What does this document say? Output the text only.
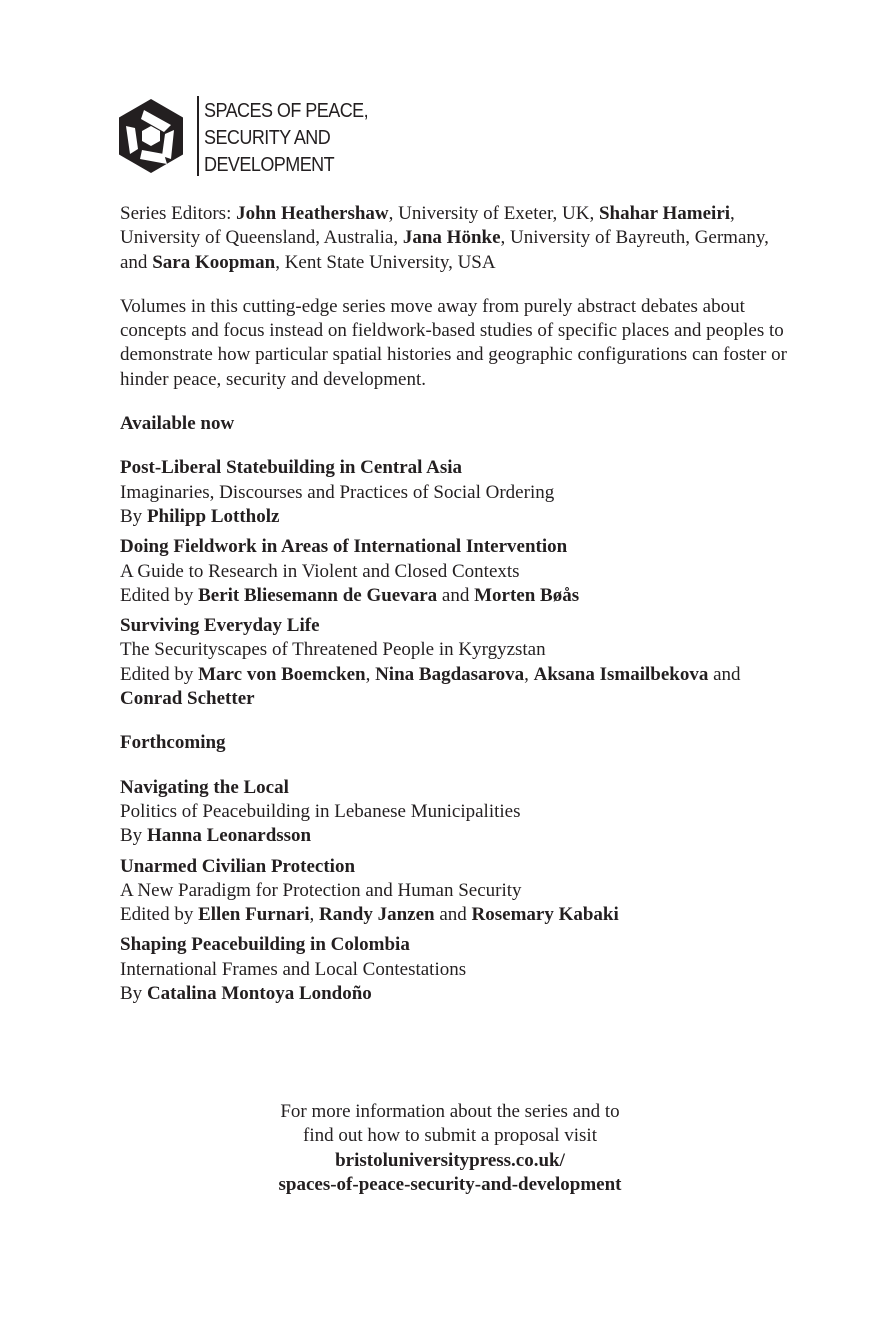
SPACES OF PEACE,
SECURITY AND
DEVELOPMENT

Series Editors: John Heathershaw, University of Exeter, UK, Shahar Hameiri, University of Queensland, Australia, Jana Hönke, University of Bayreuth, Germany, and Sara Koopman, Kent State University, USA

Volumes in this cutting-edge series move away from purely abstract debates about concepts and focus instead on fieldwork-based studies of specific places and peoples to demonstrate how particular spatial histories and geographic configurations can foster or hinder peace, security and development.

Available now
Post-Liberal Statebuilding in Central Asia
Imaginaries, Discourses and Practices of Social Ordering
By Philipp Lottholz
Doing Fieldwork in Areas of International Intervention
A Guide to Research in Violent and Closed Contexts
Edited by Berit Bliesemann de Guevara and Morten Bøås
Surviving Everyday Life
The Securityscapes of Threatened People in Kyrgyzstan
Edited by Marc von Boemcken, Nina Bagdasarova, Aksana Ismailbekova and Conrad Schetter
Forthcoming
Navigating the Local
Politics of Peacebuilding in Lebanese Municipalities
By Hanna Leonardsson
Unarmed Civilian Protection
A New Paradigm for Protection and Human Security
Edited by Ellen Furnari, Randy Janzen and Rosemary Kabaki
Shaping Peacebuilding in Colombia
International Frames and Local Contestations
By Catalina Montoya Londoño
For more information about the series and to
find out how to submit a proposal visit
bristoluniversitypress.co.uk/
spaces-of-peace-security-and-development
